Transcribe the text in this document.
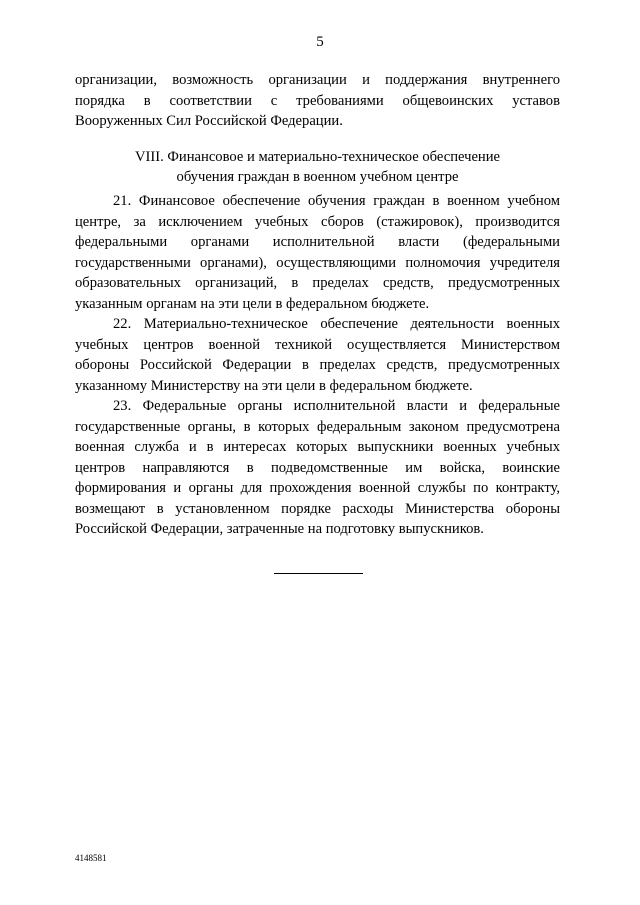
5
организации, возможность организации и поддержания внутреннего
порядка в соответствии с требованиями общевоинских уставов
Вооруженных Сил Российской Федерации.
VIII. Финансовое и материально-техническое обеспечение
обучения граждан в военном учебном центре
21. Финансовое обеспечение обучения граждан в военном учебном
центре, за исключением учебных сборов (стажировок), производится
федеральными органами исполнительной власти (федеральными
государственными органами), осуществляющими полномочия учредителя
образовательных организаций, в пределах средств, предусмотренных
указанным органам на эти цели в федеральном бюджете.
22. Материально-техническое обеспечение деятельности военных
учебных центров военной техникой осуществляется Министерством
обороны Российской Федерации в пределах средств, предусмотренных
указанному Министерству на эти цели в федеральном бюджете.
23. Федеральные органы исполнительной власти и федеральные
государственные органы, в которых федеральным законом предусмотрена
военная служба и в интересах которых выпускники военных учебных
центров направляются в подведомственные им войска, воинские
формирования и органы для прохождения военной службы по контракту,
возмещают в установленном порядке расходы Министерства обороны
Российской Федерации, затраченные на подготовку выпускников.
4148581
